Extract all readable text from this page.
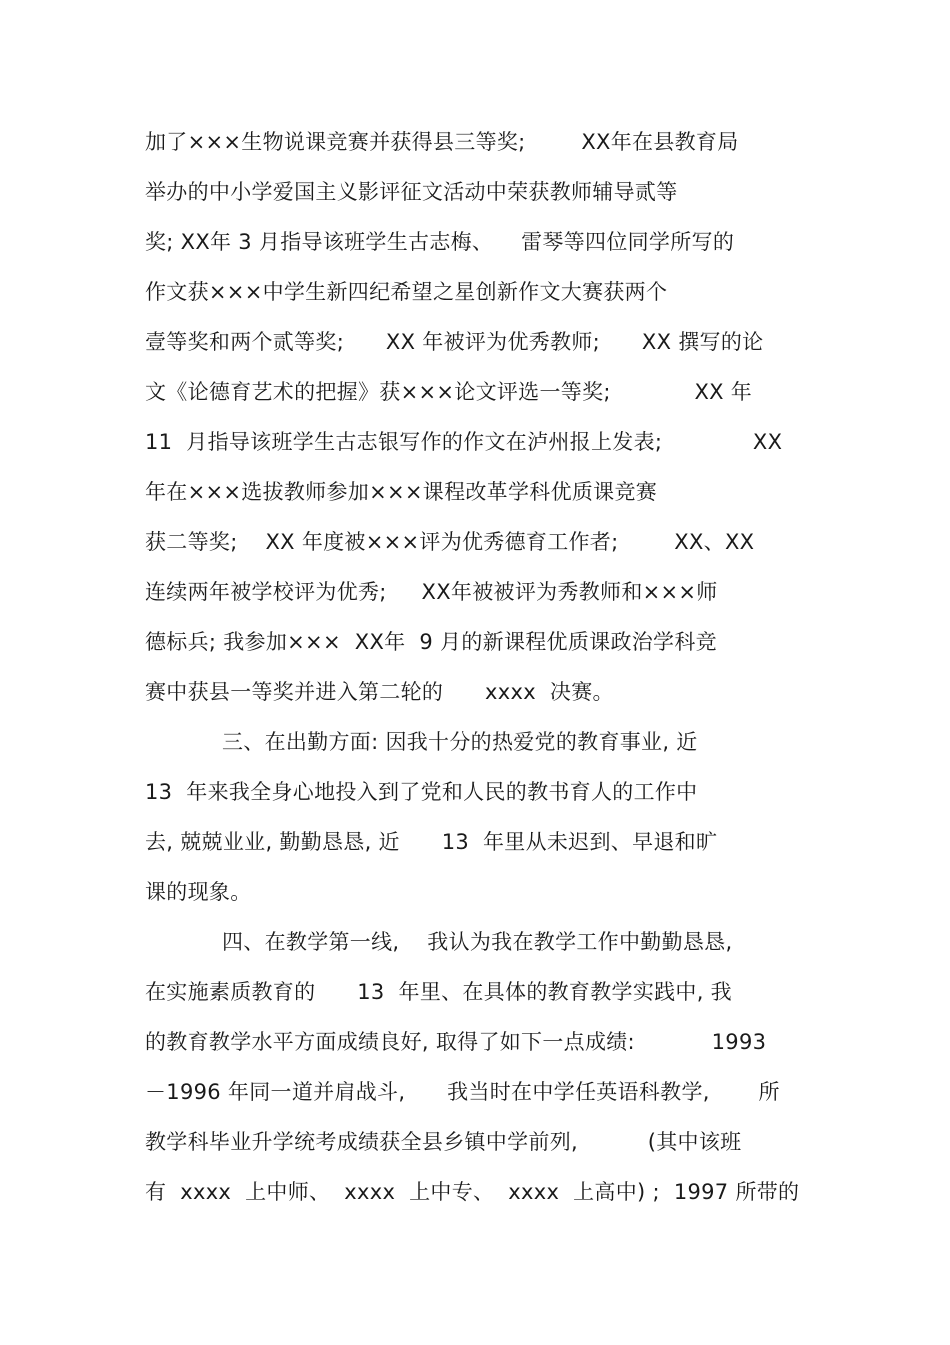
加了×××生物说课竞赛并获得县三等奖;        XX年在县教育局
举办的中小学爱国主义影评征文活动中荣获教师辅导贰等
奖; XX年 3 月指导该班学生古志梅、    雷琴等四位同学所写的
作文获×××中学生新四纪希望之星创新作文大赛获两个
壹等奖和两个贰等奖;      XX 年被评为优秀教师;      XX 撰写的论
文《论德育艺术的把握》获×××论文评选一等奖;            XX 年
11  月指导该班学生古志银写作的作文在泸州报上发表;             XX
年在×××选拔教师参加×××课程改革学科优质课竞赛
获二等奖;    XX 年度被×××评为优秀德育工作者;        XX、XX
连续两年被学校评为优秀;     XX年被被评为秀教师和×××师
德标兵; 我参加×××  XX年  9 月的新课程优质课政治学科竞
赛中获县一等奖并进入第二轮的      xxxx  决赛。
三、在出勤方面: 因我十分的热爱党的教育事业, 近
13  年来我全身心地投入到了党和人民的教书育人的工作中
去, 兢兢业业, 勤勤恳恳, 近      13  年里从未迟到、早退和旷
课的现象。
四、在教学第一线,    我认为我在教学工作中勤勤恳恳,
在实施素质教育的      13  年里、在具体的教育教学实践中, 我
的教育教学水平方面成绩良好, 取得了如下一点成绩:           1993
－1996 年同一道并肩战斗,      我当时在中学任英语科教学,       所
教学科毕业升学统考成绩获全县乡镇中学前列,          (其中该班
有  xxxx  上中师、  xxxx  上中专、  xxxx  上高中) ;  1997 所带的
